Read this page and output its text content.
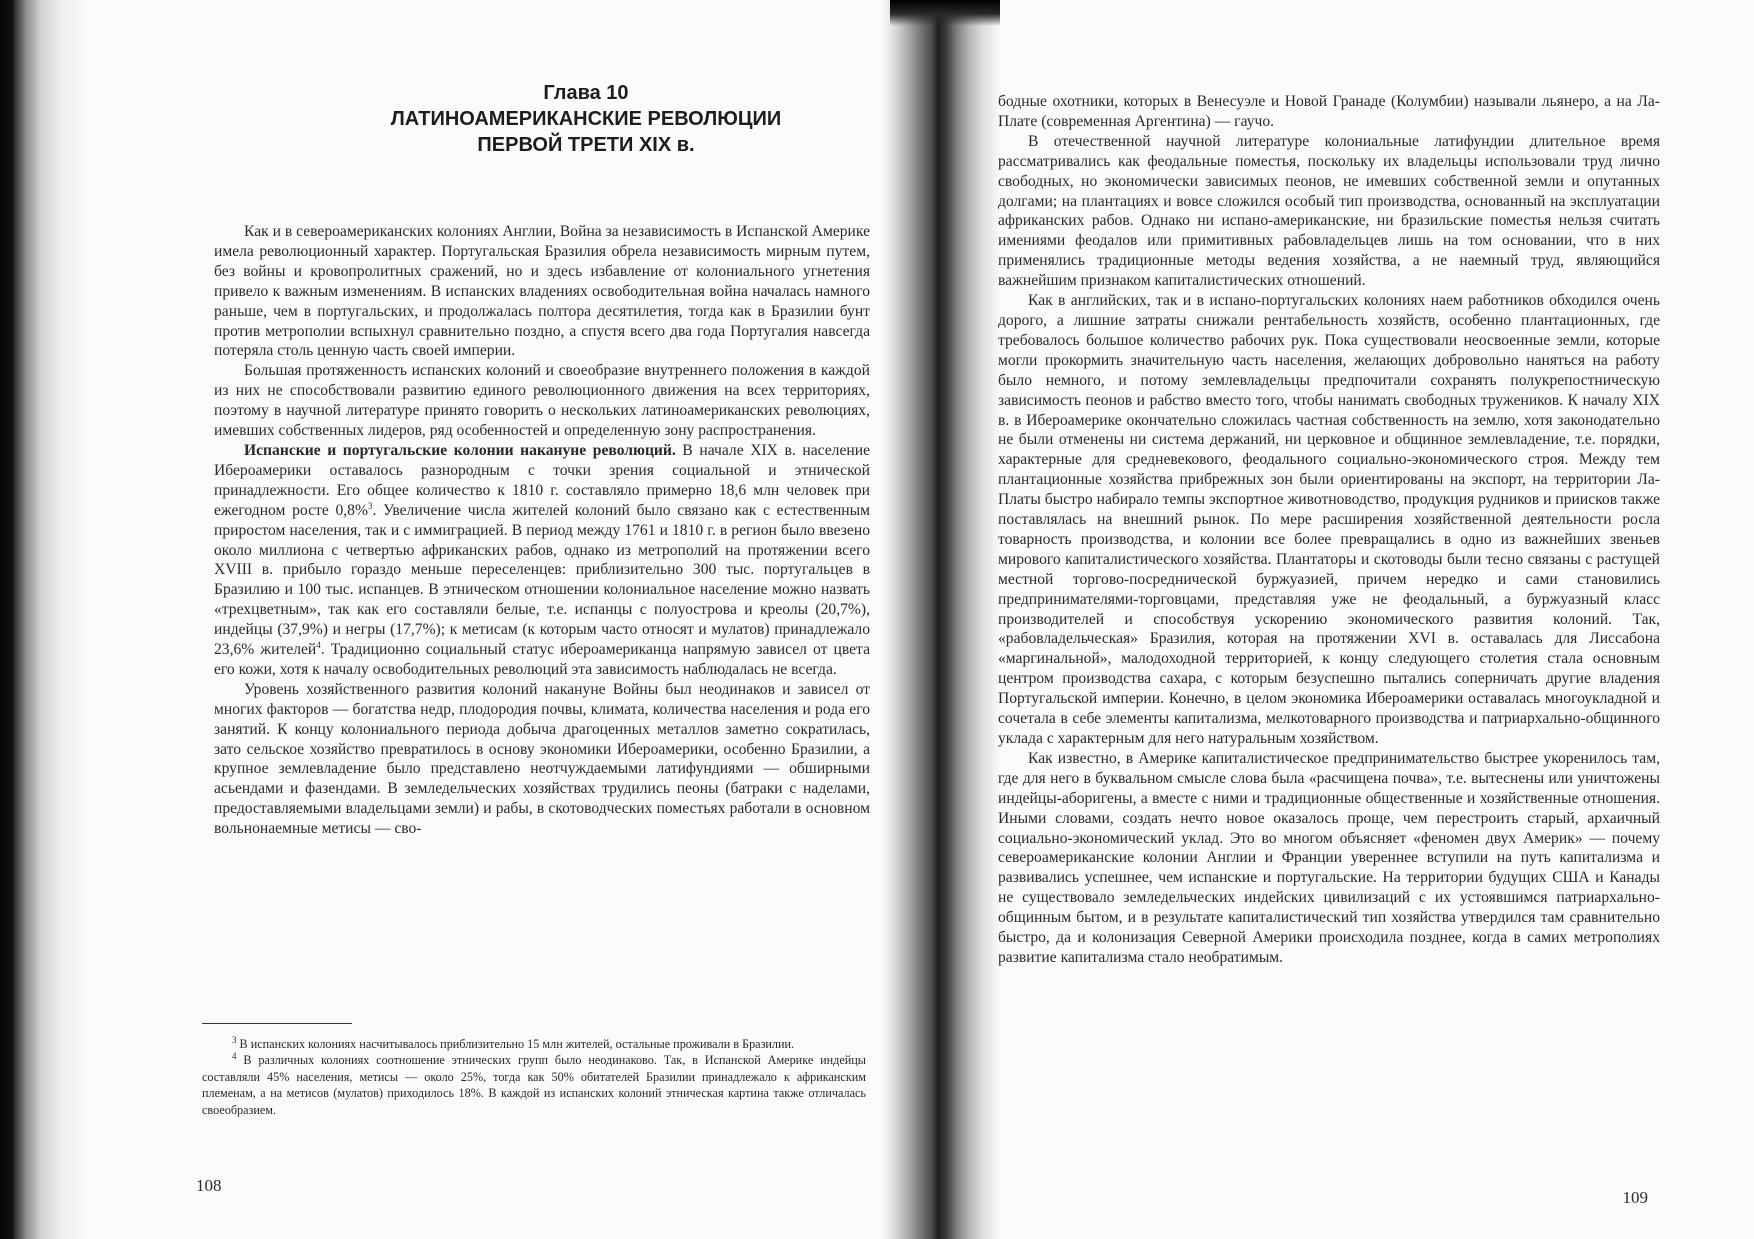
Глава 10
ЛАТИНОАМЕРИКАНСКИЕ РЕВОЛЮЦИИ
ПЕРВОЙ ТРЕТИ XIX в.

Как и в североамериканских колониях Англии, Война за независимость в Испанской Америке имела революционный характер. Португальская Бразилия обрела независимость мирным путем, без войны и кровопролитных сражений, но и здесь избавление от колониального угнетения привело к важным изменениям. В испанских владениях освободительная война началась намного раньше, чем в португальских, и продолжалась полтора десятилетия, тогда как в Бразилии бунт против метрополии вспыхнул сравнительно поздно, а спустя всего два года Португалия навсегда потеряла столь ценную часть своей империи.

Большая протяженность испанских колоний и своеобразие внутреннего положения в каждой из них не способствовали развитию единого революционного движения на всех территориях, поэтому в научной литературе принято говорить о нескольких латиноамериканских революциях, имевших собственных лидеров, ряд особенностей и определенную зону распространения.

Испанские и португальские колонии накануне революций. В начале XIX в. население Ибероамерики оставалось разнородным с точки зрения социальной и этнической принадлежности. Его общее количество к 1810 г. составляло примерно 18,6 млн человек при ежегодном росте 0,8%$^3$. Увеличение числа жителей колоний было связано как с естественным приростом населения, так и с иммиграцией. В период между 1761 и 1810 г. в регион было ввезено около миллиона с четвертью африканских рабов, однако из метрополий на протяжении всего XVIII в. прибыло гораздо меньше переселенцев: приблизительно 300 тыс. португальцев в Бразилию и 100 тыс. испанцев. В этническом отношении колониальное население можно назвать «трехцветным», так как его составляли белые, т.е. испанцы с полуострова и креолы (20,7%), индейцы (37,9%) и негры (17,7%); к метисам (к которым часто относят и мулатов) принадлежало 23,6% жителей$^4$. Традиционно социальный статус ибероамериканца напрямую зависел от цвета его кожи, хотя к началу освободительных революций эта зависимость наблюдалась не всегда.

Уровень хозяйственного развития колоний накануне Войны был неодинаков и зависел от многих факторов — богатства недр, плодородия почвы, климата, количества населения и рода его занятий. К концу колониального периода добыча драгоценных металлов заметно сократилась, зато сельское хозяйство превратилось в основу экономики Ибероамерики, особенно Бразилии, а крупное землевладение было представлено неотчуждаемыми латифундиями — обширными асьендами и фазендами. В земледельческих хозяйствах трудились пеоны (батраки с наделами, предоставляемыми владельцами земли) и рабы, в скотоводческих поместьях работали в основном вольнонаемные метисы — сво-

$^3$ В испанских колониях насчитывалось приблизительно 15 млн жителей, остальные проживали в Бразилии.

$^4$ В различных колониях соотношение этнических групп было неодинаково. Так, в Испанской Америке индейцы составляли 45% населения, метисы — около 25%, тогда как 50% обитателей Бразилии принадлежало к африканским племенам, а на метисов (мулатов) приходилось 18%. В каждой из испанских колоний этническая картина также отличалась своеобразием.

108

бодные охотники, которых в Венесуэле и Новой Гранаде (Колумбии) называли льянеро, а на Ла-Плате (современная Аргентина) — гаучо.

В отечественной научной литературе колониальные латифундии длительное время рассматривались как феодальные поместья, поскольку их владельцы использовали труд лично свободных, но экономически зависимых пеонов, не имевших собственной земли и опутанных долгами; на плантациях и вовсе сложился особый тип производства, основанный на эксплуатации африканских рабов. Однако ни испано-американские, ни бразильские поместья нельзя считать имениями феодалов или примитивных рабовладельцев лишь на том основании, что в них применялись традиционные методы ведения хозяйства, а не наемный труд, являющийся важнейшим признаком капиталистических отношений.

Как в английских, так и в испано-португальских колониях наем работников обходился очень дорого, а лишние затраты снижали рентабельность хозяйств, особенно плантационных, где требовалось большое количество рабочих рук. Пока существовали неосвоенные земли, которые могли прокормить значительную часть населения, желающих добровольно наняться на работу было немного, и потому землевладельцы предпочитали сохранять полукрепостническую зависимость пеонов и рабство вместо того, чтобы нанимать свободных тружеников. К началу XIX в. в Ибероамерике окончательно сложилась частная собственность на землю, хотя законодательно не были отменены ни система держаний, ни церковное и общинное землевладение, т.е. порядки, характерные для средневекового, феодального социально-экономического строя. Между тем плантационные хозяйства прибрежных зон были ориентированы на экспорт, на территории Ла-Платы быстро набирало темпы экспортное животноводство, продукция рудников и приисков также поставлялась на внешний рынок. По мере расширения хозяйственной деятельности росла товарность производства, и колонии все более превращались в одно из важнейших звеньев мирового капиталистического хозяйства. Плантаторы и скотоводы были тесно связаны с растущей местной торгово-посреднической буржуазией, причем нередко и сами становились предпринимателями-торговцами, представляя уже не феодальный, а буржуазный класс производителей и способствуя ускорению экономического развития колоний. Так, «рабовладельческая» Бразилия, которая на протяжении XVI в. оставалась для Лиссабона «маргинальной», малодоходной территорией, к концу следующего столетия стала основным центром производства сахара, с которым безуспешно пытались соперничать другие владения Португальской империи. Конечно, в целом экономика Ибероамерики оставалась многоукладной и сочетала в себе элементы капитализма, мелкотоварного производства и патриархально-общинного уклада с характерным для него натуральным хозяйством.

Как известно, в Америке капиталистическое предпринимательство быстрее укоренилось там, где для него в буквальном смысле слова была «расчищена почва», т.е. вытеснены или уничтожены индейцы-аборигены, а вместе с ними и традиционные общественные и хозяйственные отношения. Иными словами, создать нечто новое оказалось проще, чем перестроить старый, архаичный социально-экономический уклад. Это во многом объясняет «феномен двух Америк» — почему североамериканские колонии Англии и Франции увереннее вступили на путь капитализма и развивались успешнее, чем испанские и португальские. На территории будущих США и Канады не существовало земледельческих индейских цивилизаций с их устоявшимся патриархально-общинным бытом, и в результате капиталистический тип хозяйства утвердился там сравнительно быстро, да и колонизация Северной Америки происходила позднее, когда в самих метрополиях развитие капитализма стало необратимым.

109
